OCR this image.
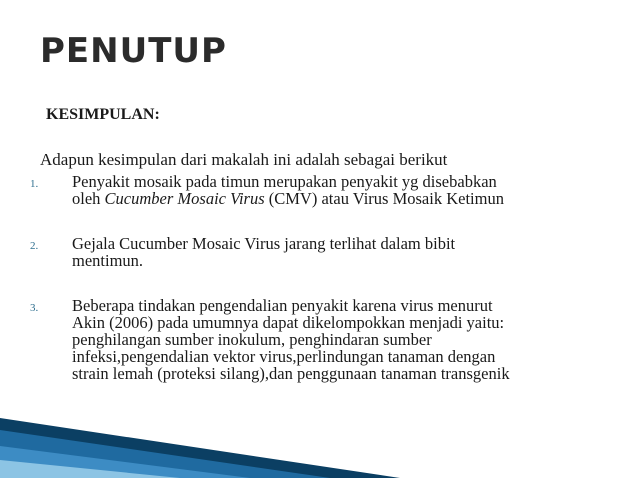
PENUTUP
KESIMPULAN:
Adapun kesimpulan dari makalah ini adalah sebagai berikut
1. Penyakit mosaik pada timun merupakan penyakit yg disebabkan
oleh Cucumber Mosaic Virus (CMV) atau Virus Mosaik Ketimun
2. Gejala Cucumber Mosaic Virus jarang terlihat dalam bibit
mentimun.
3. Beberapa tindakan pengendalian penyakit karena virus menurut
Akin (2006) pada umumnya dapat dikelompokkan menjadi yaitu:
penghilangan sumber inokulum, penghindaran sumber
infeksi,pengendalian vektor virus,perlindungan tanaman dengan
strain lemah (proteksi silang),dan penggunaan tanaman transgenik
